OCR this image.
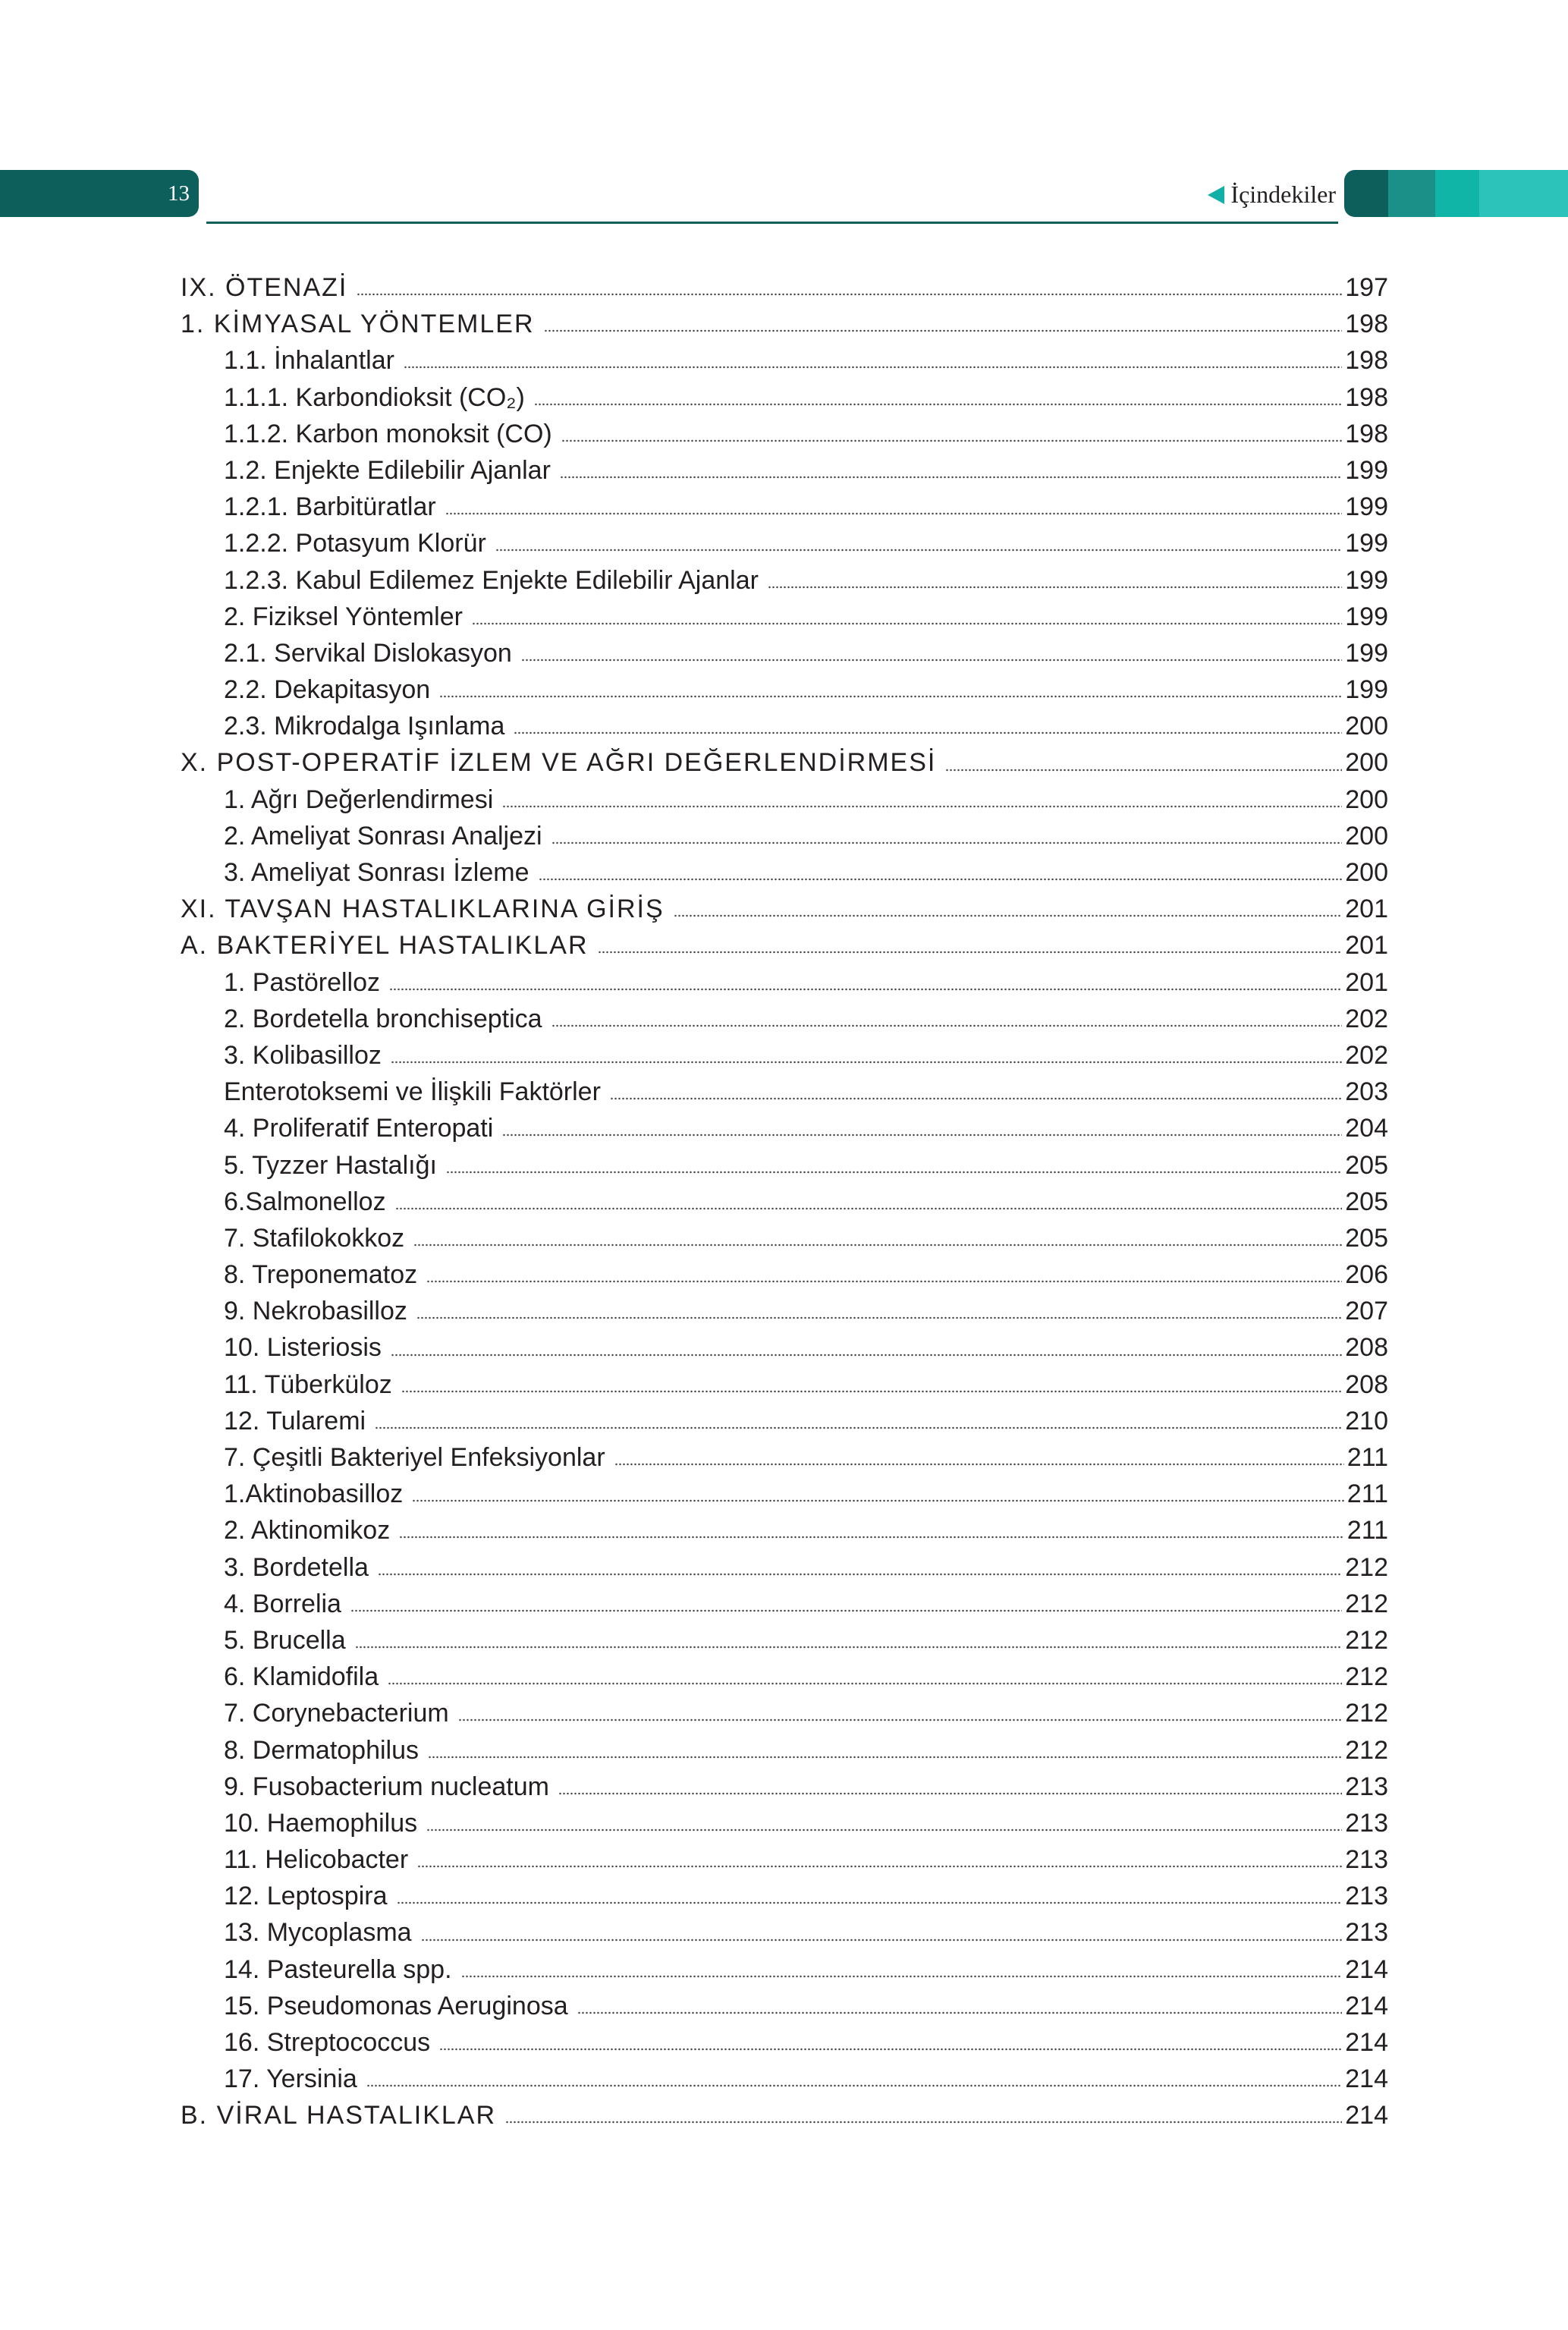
13	İçindekiler
IX. ÖTENAZİ	197
1. KİMYASAL YÖNTEMLER	198
1.1. İnhalantlar	198
1.1.1. Karbondioksit (CO₂)	198
1.1.2. Karbon monoksit (CO)	198
1.2. Enjekte Edilebilir Ajanlar	199
1.2.1. Barbitüratlar	199
1.2.2. Potasyum Klorür	199
1.2.3. Kabul Edilemez Enjekte Edilebilir Ajanlar	199
2. Fiziksel Yöntemler	199
2.1. Servikal Dislokasyon	199
2.2. Dekapitasyon	199
2.3. Mikrodalga Işınlama	200
X. POST-OPERATİF İZLEM VE AĞRI DEĞERLENDİRMESİ	200
1. Ağrı Değerlendirmesi	200
2. Ameliyat Sonrası Analjezi	200
3. Ameliyat Sonrası İzleme	200
XI. TAVŞAN HASTALIKLARINA GİRİŞ	201
A. BAKTERİYEL HASTALIKLAR	201
1. Pastörelloz	201
2. Bordetella bronchiseptica	202
3. Kolibasilloz	202
Enterotoksemi ve İlişkili Faktörler	203
4. Proliferatif Enteropati	204
5. Tyzzer Hastalığı	205
6.Salmonelloz	205
7. Stafilokokkoz	205
8. Treponematoz	206
9. Nekrobasilloz	207
10. Listeriosis	208
11. Tüberküloz	208
12. Tularemi	210
7. Çeşitli Bakteriyel Enfeksiyonlar	211
1.Aktinobasilloz	211
2. Aktinomikoz	211
3. Bordetella	212
4. Borrelia	212
5. Brucella	212
6. Klamidofila	212
7. Corynebacterium	212
8. Dermatophilus	212
9. Fusobacterium nucleatum	213
10. Haemophilus	213
11. Helicobacter	213
12. Leptospira	213
13. Mycoplasma	213
14. Pasteurella spp.	214
15. Pseudomonas Aeruginosa	214
16. Streptococcus	214
17. Yersinia	214
B. VİRAL HASTALIKLAR	214
